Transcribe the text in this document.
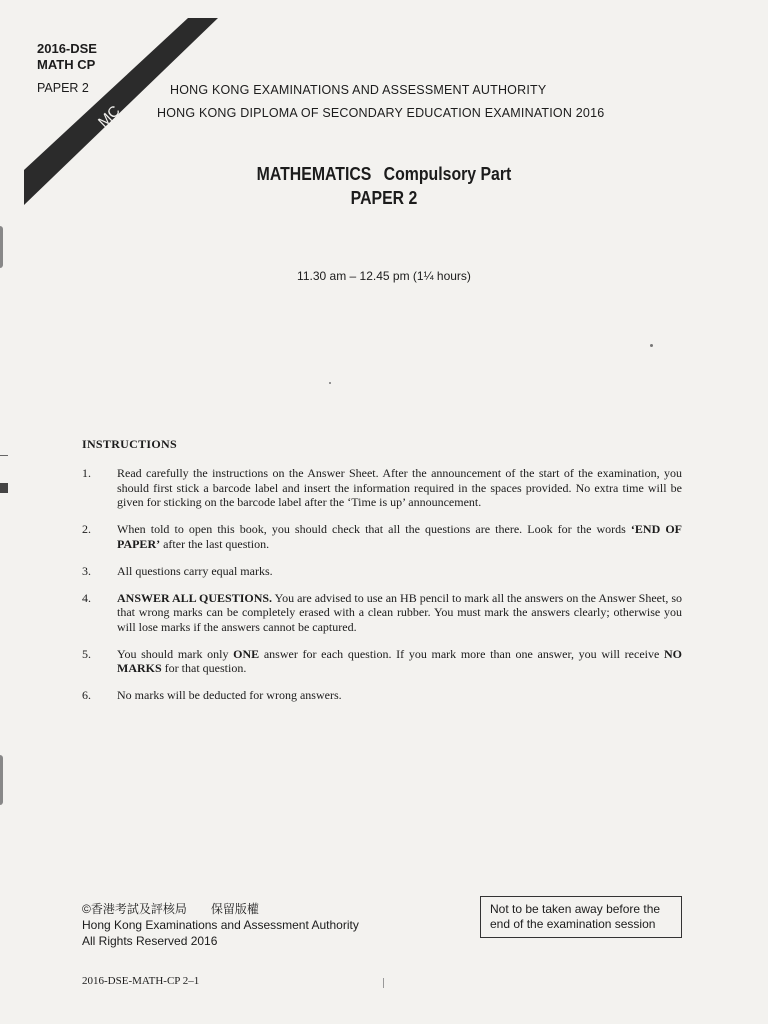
MC
2016-DSE
MATH CP
PAPER 2	HONG KONG EXAMINATIONS AND ASSESSMENT AUTHORITY
HONG KONG DIPLOMA OF SECONDARY EDUCATION EXAMINATION 2016
MATHEMATICS Compulsory Part
PAPER 2
11.30 am – 12.45 pm (1¼ hours)
INSTRUCTIONS
1.	Read carefully the instructions on the Answer Sheet. After the announcement of the start of the examination, you should first stick a barcode label and insert the information required in the spaces provided. No extra time will be given for sticking on the barcode label after the ‘Time is up’ announcement.
2.	When told to open this book, you should check that all the questions are there. Look for the words ‘END OF PAPER’ after the last question.
3.	All questions carry equal marks.
4.	ANSWER ALL QUESTIONS. You are advised to use an HB pencil to mark all the answers on the Answer Sheet, so that wrong marks can be completely erased with a clean rubber. You must mark the answers clearly; otherwise you will lose marks if the answers cannot be captured.
5.	You should mark only ONE answer for each question. If you mark more than one answer, you will receive NO MARKS for that question.
6.	No marks will be deducted for wrong answers.
©香港考試及評核局 保留版權
Hong Kong Examinations and Assessment Authority
All Rights Reserved 2016
Not to be taken away before the
end of the examination session
2016-DSE-MATH-CP 2–1
